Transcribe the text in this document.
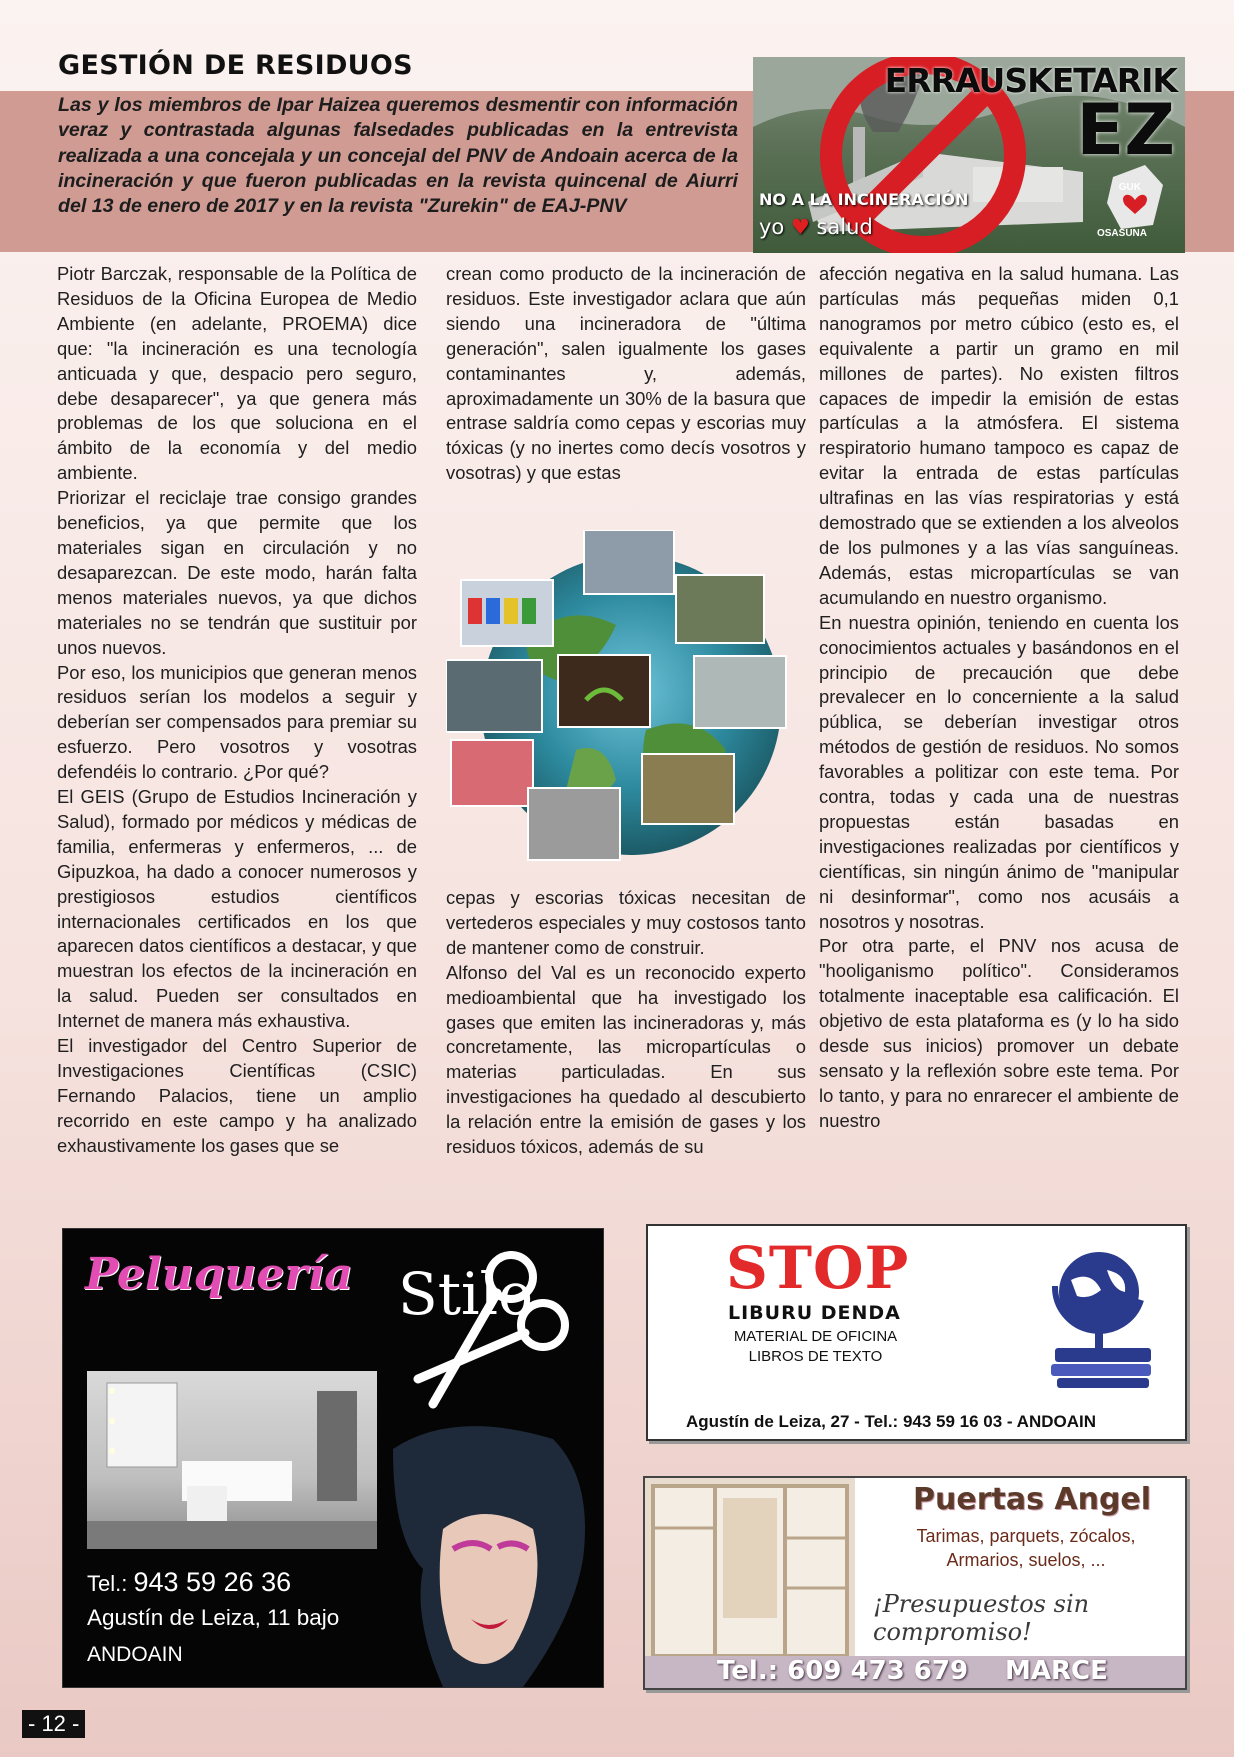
GESTIÓN DE RESIDUOS

Las y los miembros de Ipar Haizea queremos desmentir con información veraz y contrastada algunas falsedades publicadas en la entrevista realizada a una concejala y un concejal del PNV de Andoain acerca de la incineración y que fueron publicadas en la revista quincenal de Aiurri del 13 de enero de 2017 y en la revista "Zurekin" de EAJ-PNV

ERRAUSKETARIK
EZ
NO A LA INCINERACIÓN
yo ♥ salud
GUK
OSASUNA

Piotr Barczak, responsable de la Política de Residuos de la Oficina Europea de Medio Ambiente (en adelante, PROEMA) dice que: "la incineración es una tecnología anticuada y que, despacio pero seguro, debe desaparecer", ya que genera más problemas de los que soluciona en el ámbito de la economía y del medio ambiente.

Priorizar el reciclaje trae consigo grandes beneficios, ya que permite que los materiales sigan en circulación y no desaparezcan. De este modo, harán falta menos materiales nuevos, ya que dichos materiales no se tendrán que sustituir por unos nuevos.

Por eso, los municipios que generan menos residuos serían los modelos a seguir y deberían ser compensados para premiar su esfuerzo. Pero vosotros y vosotras defendéis lo contrario. ¿Por qué?

El GEIS (Grupo de Estudios Incineración y Salud), formado por médicos y médicas de familia, enfermeras y enfermeros, ... de Gipuzkoa, ha dado a conocer numerosos y prestigiosos estudios científicos internacionales certificados en los que aparecen datos científicos a destacar, y que muestran los efectos de la incineración en la salud. Pueden ser consultados en Internet de manera más exhaustiva.

El investigador del Centro Superior de Investigaciones Científicas (CSIC) Fernando Palacios, tiene un amplio recorrido en este campo y ha analizado exhaustivamente los gases que se

crean como producto de la incineración de residuos. Este investigador aclara que aún siendo una incineradora de "última generación", salen igualmente los gases contaminantes y, además, aproximadamente un 30% de la basura que entrase saldría como cepas y escorias muy tóxicas (y no inertes como decís vosotros y vosotras) y que estas

cepas y escorias tóxicas necesitan de vertederos especiales y muy costosos tanto de mantener como de construir.

Alfonso del Val es un reconocido experto medioambiental que ha investigado los gases que emiten las incineradoras y, más concretamente, las micropartículas o materias particuladas. En sus investigaciones ha quedado al descubierto la relación entre la emisión de gases y los residuos tóxicos, además de su

afección negativa en la salud humana. Las partículas más pequeñas miden 0,1 nanogramos por metro cúbico (esto es, el equivalente a partir un gramo en mil millones de partes). No existen filtros capaces de impedir la emisión de estas partículas a la atmósfera. El sistema respiratorio humano tampoco es capaz de evitar la entrada de estas partículas ultrafinas en las vías respiratorias y está demostrado que se extienden a los alveolos de los pulmones y a las vías sanguíneas. Además, estas micropartículas se van acumulando en nuestro organismo.

En nuestra opinión, teniendo en cuenta los conocimientos actuales y basándonos en el principio de precaución que debe prevalecer en lo concerniente a la salud pública, se deberían investigar otros métodos de gestión de residuos. No somos favorables a politizar con este tema. Por contra, todas y cada una de nuestras propuestas están basadas en investigaciones realizadas por científicos y científicas, sin ningún ánimo de "manipular ni desinformar", como nos acusáis a nosotros y nosotras.

Por otra parte, el PNV nos acusa de "hooliganismo político". Consideramos totalmente inaceptable esa calificación. El objetivo de esta plataforma es (y lo ha sido desde sus inicios) promover un debate sensato y la reflexión sobre este tema. Por lo tanto, y para no enrarecer el ambiente de nuestro

Peluquería Stilo
Tel.: 943 59 26 36
Agustín de Leiza, 11 bajo
ANDOAIN
STOP
LIBURU DENDA
MATERIAL DE OFICINA
LIBROS DE TEXTO
Agustín de Leiza, 27 - Tel.: 943 59 16 03 - ANDOAIN
Puertas Angel
Tarimas, parquets, zócalos,
Armarios, suelos, ...
¡Presupuestos sin compromiso!
Tel.: 609 473 679 MARCE
- 12 -
